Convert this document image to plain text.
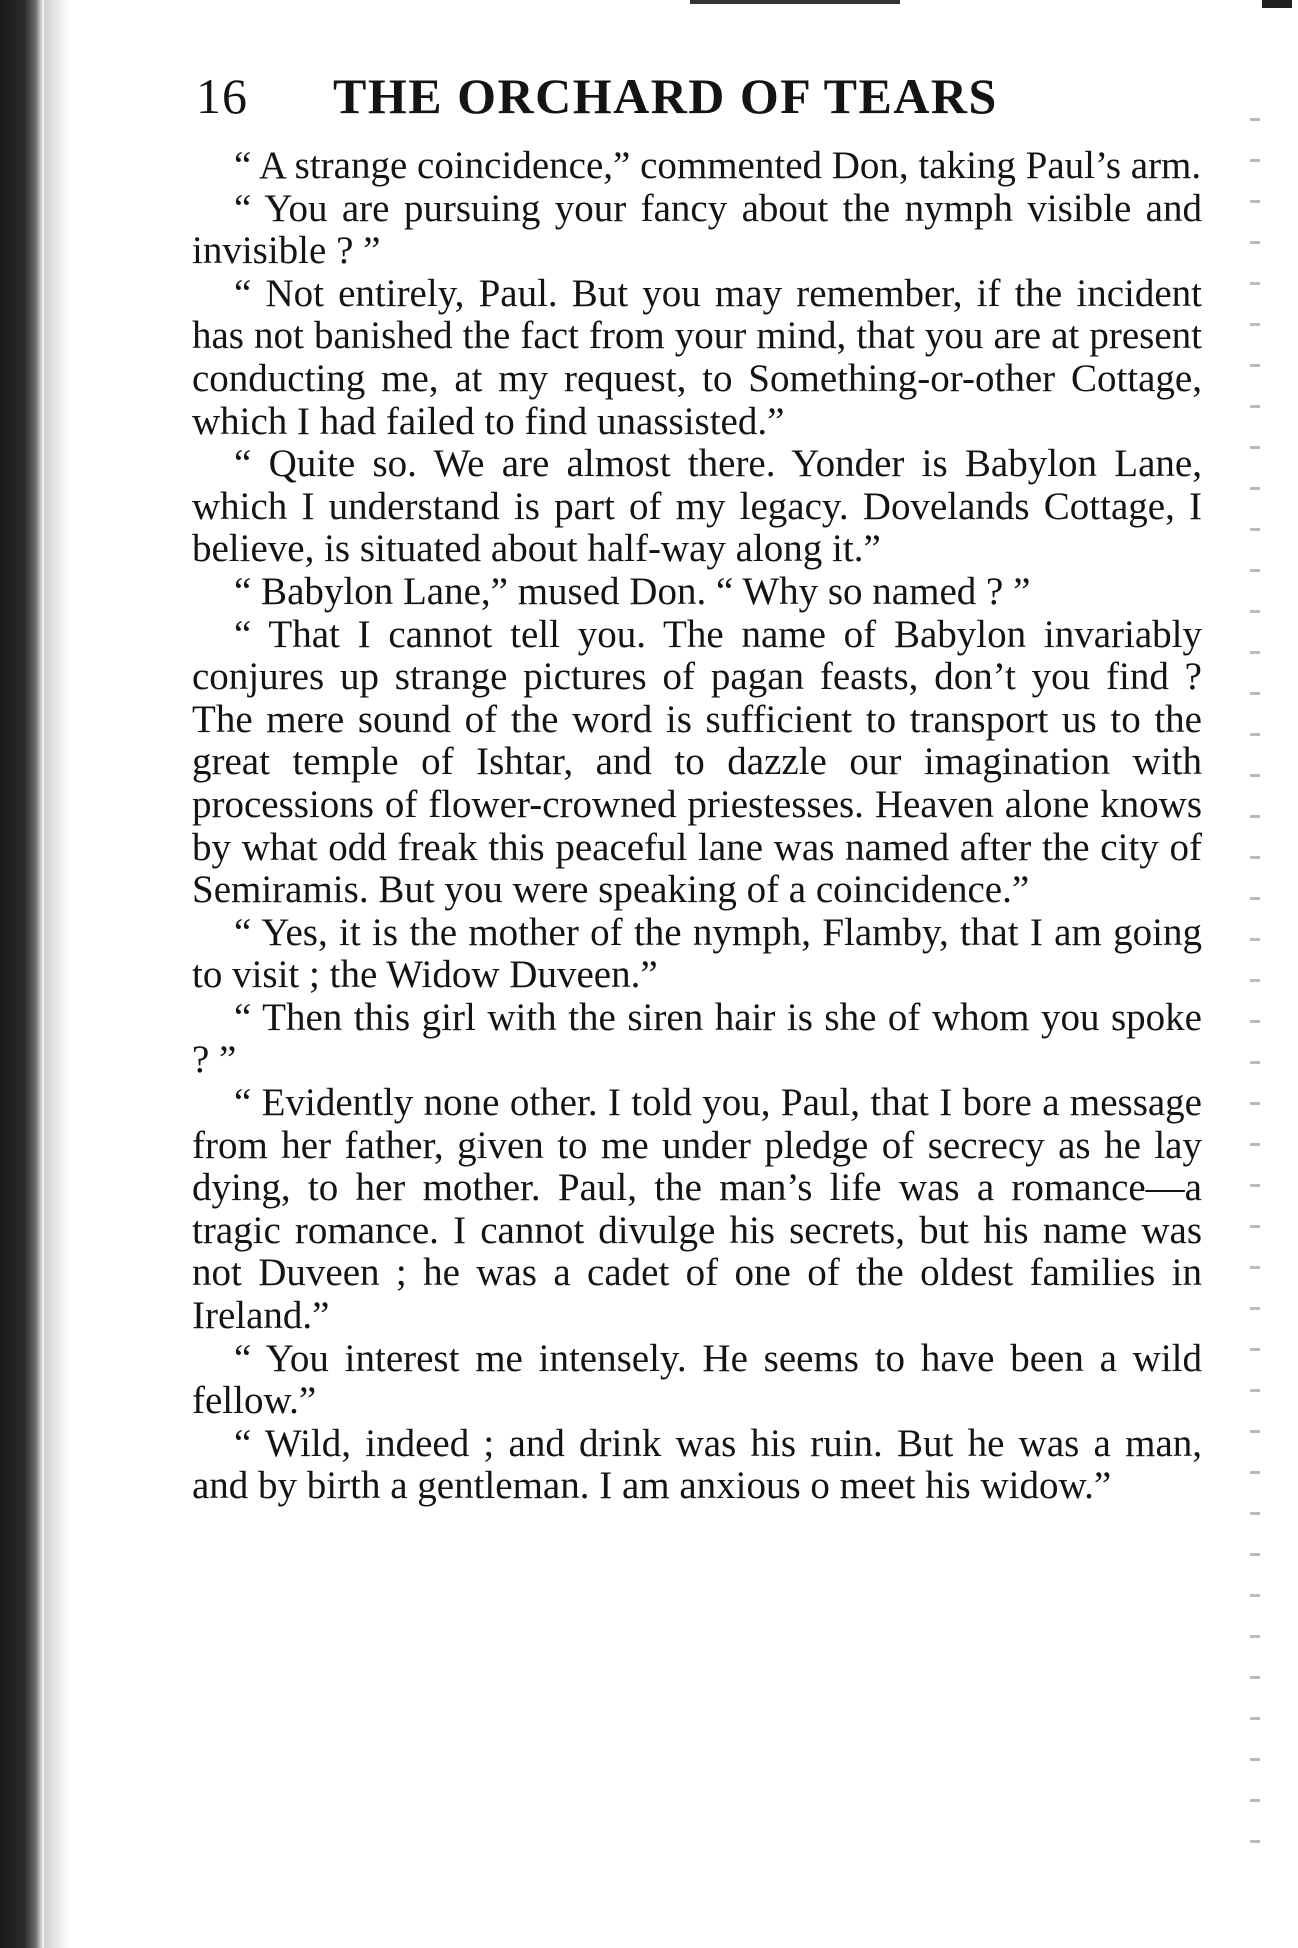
16 THE ORCHARD OF TEARS

“ A strange coincidence,” commented Don, taking Paul’s arm.

“ You are pursuing your fancy about the nymph visible and invisible ? ”

“ Not entirely, Paul. But you may remember, if the incident has not banished the fact from your mind, that you are at present conducting me, at my request, to Something-or-other Cottage, which I had failed to find unassisted.”

“ Quite so. We are almost there. Yonder is Babylon Lane, which I understand is part of my legacy. Dovelands Cottage, I believe, is situated about half-way along it.”

“ Babylon Lane,” mused Don. “ Why so named ? ”

“ That I cannot tell you. The name of Babylon invariably conjures up strange pictures of pagan feasts, don’t you find ? The mere sound of the word is sufficient to transport us to the great temple of Ishtar, and to dazzle our imagination with processions of flower-crowned priestesses. Heaven alone knows by what odd freak this peaceful lane was named after the city of Semiramis. But you were speaking of a coincidence.”

“ Yes, it is the mother of the nymph, Flamby, that I am going to visit ; the Widow Duveen.”

“ Then this girl with the siren hair is she of whom you spoke ? ”

“ Evidently none other. I told you, Paul, that I bore a message from her father, given to me under pledge of secrecy as he lay dying, to her mother. Paul, the man’s life was a romance—a tragic romance. I cannot divulge his secrets, but his name was not Duveen ; he was a cadet of one of the oldest families in Ireland.”

“ You interest me intensely. He seems to have been a wild fellow.”

“ Wild, indeed ; and drink was his ruin. But he was a man, and by birth a gentleman. I am anxious o meet his widow.”
